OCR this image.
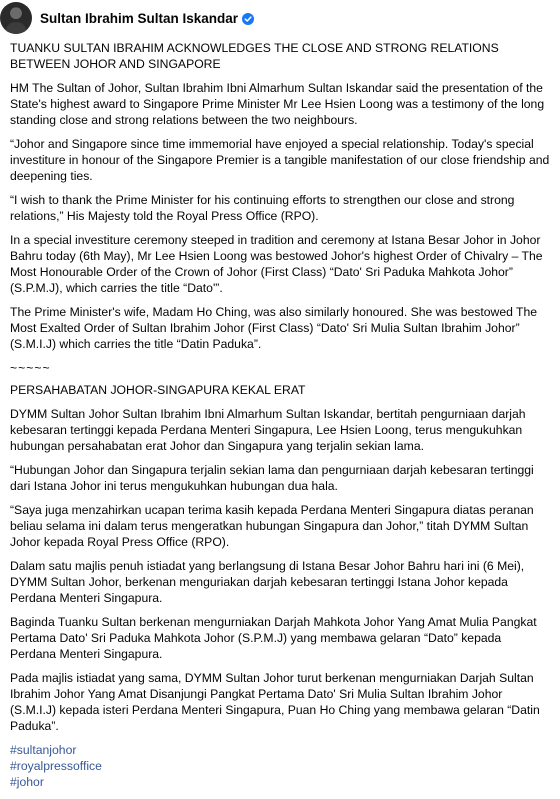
Sultan Ibrahim Sultan Iskandar
TUANKU SULTAN IBRAHIM ACKNOWLEDGES THE CLOSE AND STRONG RELATIONS BETWEEN JOHOR AND SINGAPORE
HM The Sultan of Johor, Sultan Ibrahim Ibni Almarhum Sultan Iskandar said the presentation of the State's highest award to Singapore Prime Minister Mr Lee Hsien Loong was a testimony of the long standing close and strong relations between the two neighbours.
“Johor and Singapore since time immemorial have enjoyed a special relationship. Today's special investiture in honour of the Singapore Premier is a tangible manifestation of our close friendship and deepening ties.
“I wish to thank the Prime Minister for his continuing efforts to strengthen our close and strong relations,” His Majesty told the Royal Press Office (RPO).
In a special investiture ceremony steeped in tradition and ceremony at Istana Besar Johor in Johor Bahru today (6th May), Mr Lee Hsien Loong was bestowed Johor's highest Order of Chivalry – The Most Honourable Order of the Crown of Johor (First Class) “Dato' Sri Paduka Mahkota Johor” (S.P.M.J), which carries the title “Dato'”.
The Prime Minister's wife, Madam Ho Ching, was also similarly honoured. She was bestowed The Most Exalted Order of Sultan Ibrahim Johor (First Class) “Dato' Sri Mulia Sultan Ibrahim Johor” (S.M.I.J) which carries the title “Datin Paduka”.
~~~~~
PERSAHABATAN JOHOR-SINGAPURA KEKAL ERAT
DYMM Sultan Johor Sultan Ibrahim Ibni Almarhum Sultan Iskandar, bertitah pengurniaan darjah kebesaran tertinggi kepada Perdana Menteri Singapura, Lee Hsien Loong, terus mengukuhkan hubungan persahabatan erat Johor dan Singapura yang terjalin sekian lama.
“Hubungan Johor dan Singapura terjalin sekian lama dan pengurniaan darjah kebesaran tertinggi dari Istana Johor ini terus mengukuhkan hubungan dua hala.
“Saya juga menzahirkan ucapan terima kasih kepada Perdana Menteri Singapura diatas peranan beliau selama ini dalam terus mengeratkan hubungan Singapura dan Johor,” titah DYMM Sultan Johor kepada Royal Press Office (RPO).
Dalam satu majlis penuh istiadat yang berlangsung di Istana Besar Johor Bahru hari ini (6 Mei), DYMM Sultan Johor, berkenan menguriakan darjah kebesaran tertinggi Istana Johor kepada Perdana Menteri Singapura.
Baginda Tuanku Sultan berkenan mengurniakan Darjah Mahkota Johor Yang Amat Mulia Pangkat Pertama Dato' Sri Paduka Mahkota Johor (S.P.M.J) yang membawa gelaran “Dato” kepada Perdana Menteri Singapura.
Pada majlis istiadat yang sama, DYMM Sultan Johor turut berkenan mengurniakan Darjah Sultan Ibrahim Johor Yang Amat Disanjungi Pangkat Pertama Dato' Sri Mulia Sultan Ibrahim Johor (S.M.I.J) kepada isteri Perdana Menteri Singapura, Puan Ho Ching yang membawa gelaran “Datin Paduka”.
#sultanjohor
#royalpressoffice
#johor
